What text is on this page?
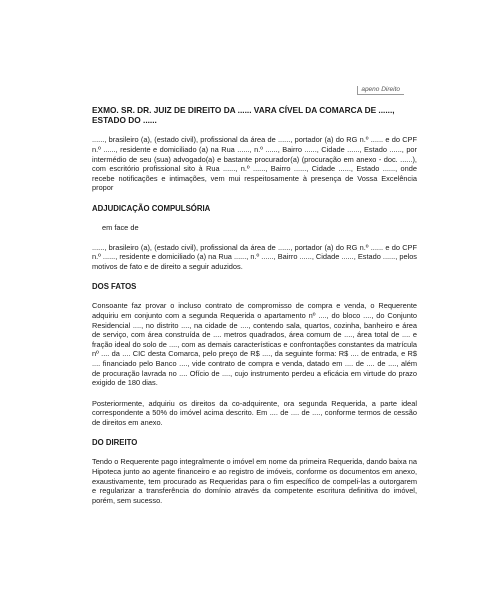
apeno Direito

EXMO. SR. DR. JUIZ DE DIREITO DA ...... VARA CÍVEL DA COMARCA DE ......, ESTADO DO ......

......, brasileiro (a), (estado civil), profissional da área de ......, portador (a) do RG n.º ...... e do CPF n.º ......, residente e domiciliado (a) na Rua ......, n.º ......, Bairro ......, Cidade ......, Estado ......, por intermédio de seu (sua) advogado(a) e bastante procurador(a) (procuração em anexo - doc. ......), com escritório profissional sito à Rua ......, n.º ......, Bairro ......, Cidade ......, Estado ......, onde recebe notificações e intimações, vem mui respeitosamente à presença de Vossa Excelência propor

ADJUDICAÇÃO COMPULSÓRIA

em face de

......, brasileiro (a), (estado civil), profissional da área de ......, portador (a) do RG n.º ...... e do CPF n.º ......, residente e domiciliado (a) na Rua ......, n.º ......, Bairro ......, Cidade ......, Estado ......, pelos motivos de fato e de direito a seguir aduzidos.

DOS FATOS

Consoante faz provar o incluso contrato de compromisso de compra e venda, o Requerente adquiriu em conjunto com a segunda Requerida o apartamento nº ...., do bloco ...., do Conjunto Residencial ...., no distrito ...., na cidade de ...., contendo sala, quartos, cozinha, banheiro e área de serviço, com área construída de .... metros quadrados, área comum de ...., área total de .... e fração ideal do solo de ...., com as demais características e confrontações constantes da matrícula nº .... da .... CIC desta Comarca, pelo preço de R$ ...., da seguinte forma: R$ .... de entrada, e R$ .... financiado pelo Banco ...., vide contrato de compra e venda, datado em .... de .... de ...., além de procuração lavrada no .... Ofício de ...., cujo instrumento perdeu a eficácia em virtude do prazo exigido de 180 dias.

Posteriormente, adquiriu os direitos da co-adquirente, ora segunda Requerida, a parte ideal correspondente a 50% do imóvel acima descrito. Em .... de .... de ...., conforme termos de cessão de direitos em anexo.

DO DIREITO

Tendo o Requerente pago integralmente o imóvel em nome da primeira Requerida, dando baixa na Hipoteca junto ao agente financeiro e ao registro de imóveis, conforme os documentos em anexo, exaustivamente, tem procurado as Requeridas para o fim específico de compeli-las a outorgarem e regularizar a transferência do domínio através da competente escritura definitiva do imóvel, porém, sem sucesso.
